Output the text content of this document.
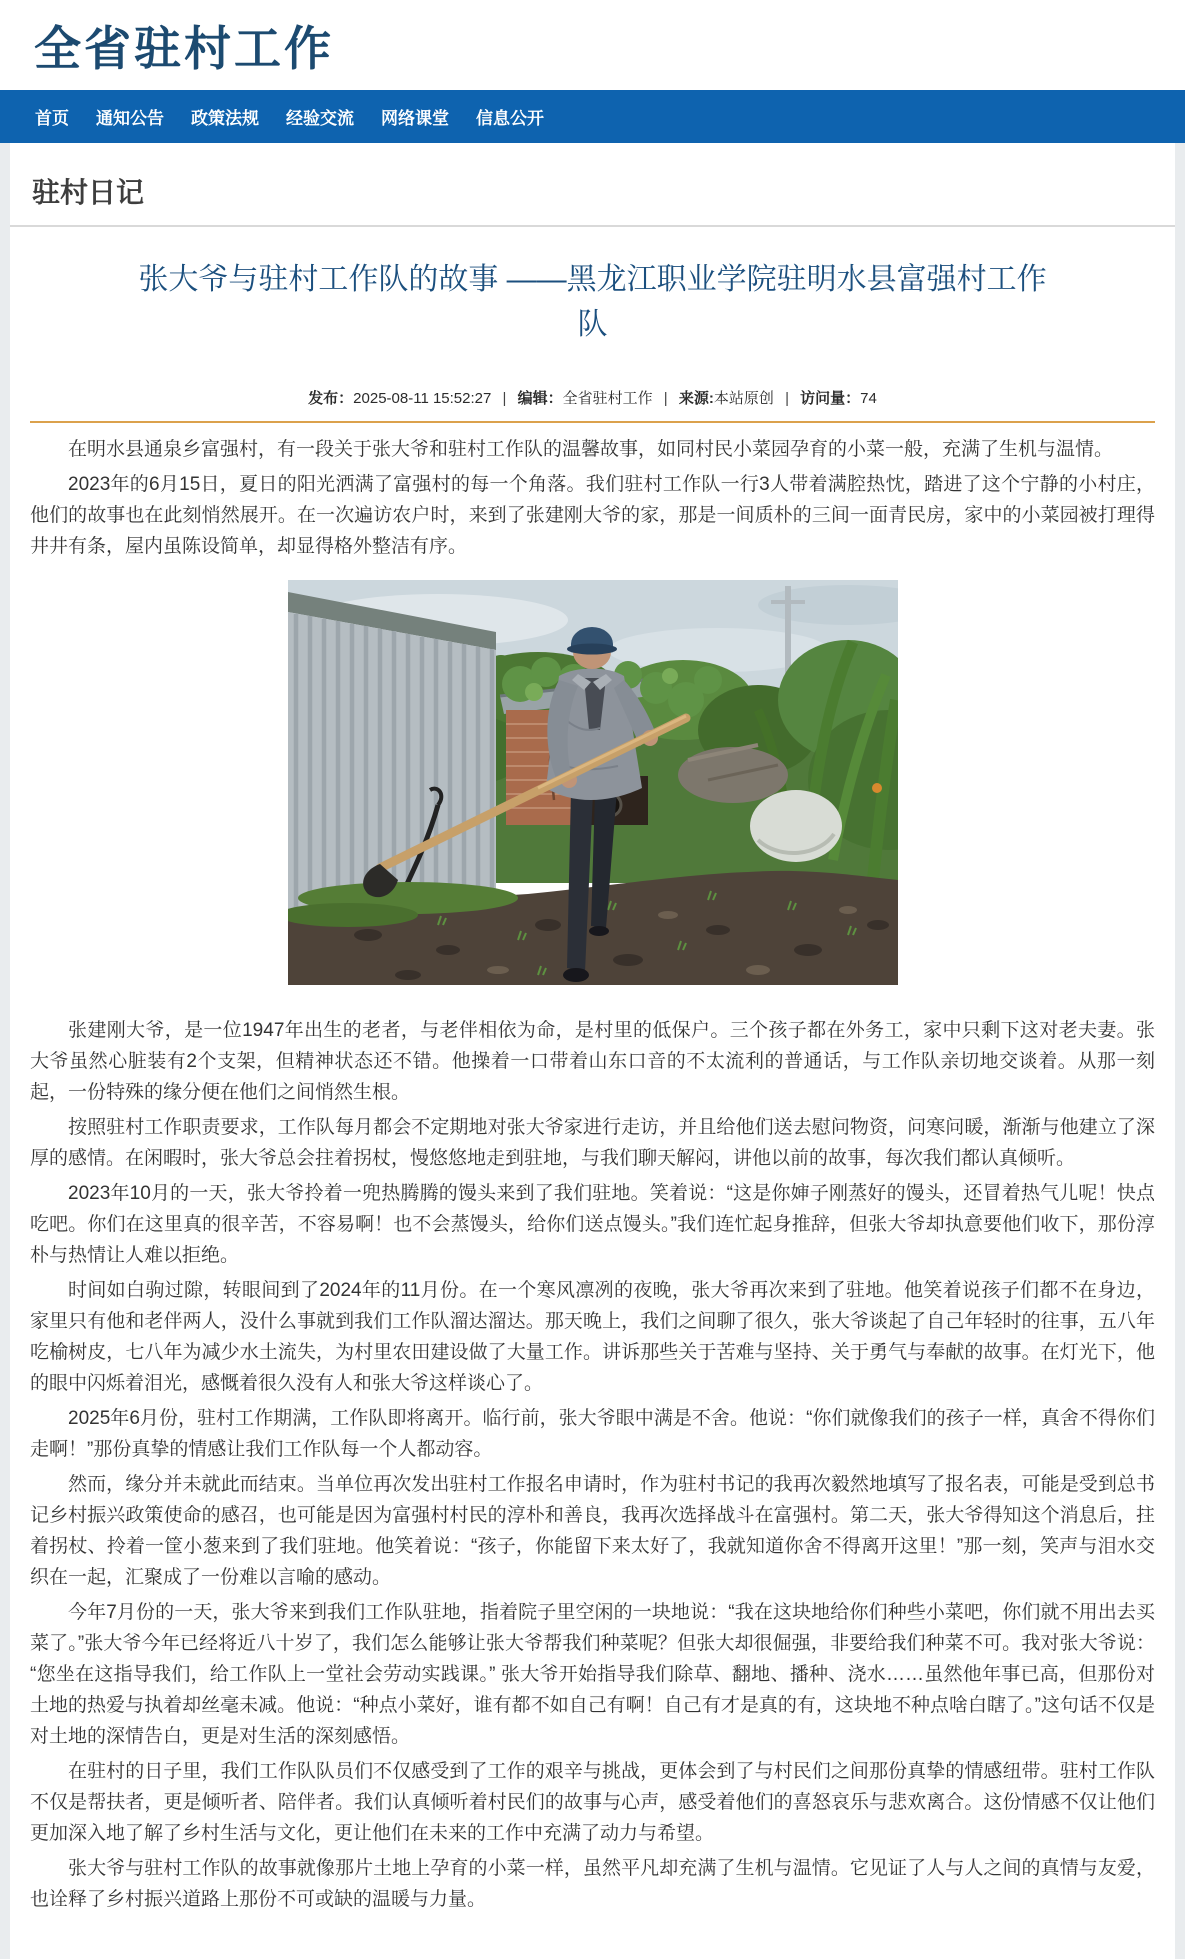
全省驻村工作
首页 通知公告 政策法规 经验交流 网络课堂 信息公开
驻村日记
张大爷与驻村工作队的故事 ——黑龙江职业学院驻明水县富强村工作队
发布：2025-08-11 15:52:27 | 编辑：全省驻村工作 | 来源:本站原创 | 访问量：74

在明水县通泉乡富强村，有一段关于张大爷和驻村工作队的温馨故事，如同村民小菜园孕育的小菜一般，充满了生机与温情。

2023年的6月15日，夏日的阳光洒满了富强村的每一个角落。我们驻村工作队一行3人带着满腔热忱，踏进了这个宁静的小村庄，他们的故事也在此刻悄然展开。在一次遍访农户时，来到了张建刚大爷的家，那是一间质朴的三间一面青民房，家中的小菜园被打理得井井有条，屋内虽陈设简单，却显得格外整洁有序。

张建刚大爷，是一位1947年出生的老者，与老伴相依为命，是村里的低保户。三个孩子都在外务工，家中只剩下这对老夫妻。张大爷虽然心脏装有2个支架，但精神状态还不错。他操着一口带着山东口音的不太流利的普通话，与工作队亲切地交谈着。从那一刻起，一份特殊的缘分便在他们之间悄然生根。

按照驻村工作职责要求，工作队每月都会不定期地对张大爷家进行走访，并且给他们送去慰问物资，问寒问暖，渐渐与他建立了深厚的感情。在闲暇时，张大爷总会拄着拐杖，慢悠悠地走到驻地，与我们聊天解闷，讲他以前的故事，每次我们都认真倾听。

2023年10月的一天，张大爷拎着一兜热腾腾的馒头来到了我们驻地。笑着说：“这是你婶子刚蒸好的馒头，还冒着热气儿呢！快点吃吧。你们在这里真的很辛苦，不容易啊！也不会蒸馒头，给你们送点馒头。”我们连忙起身推辞，但张大爷却执意要他们收下，那份淳朴与热情让人难以拒绝。

时间如白驹过隙，转眼间到了2024年的11月份。在一个寒风凛冽的夜晚，张大爷再次来到了驻地。他笑着说孩子们都不在身边，家里只有他和老伴两人，没什么事就到我们工作队溜达溜达。那天晚上，我们之间聊了很久，张大爷谈起了自己年轻时的往事，五八年吃榆树皮，七八年为减少水土流失，为村里农田建设做了大量工作。讲诉那些关于苦难与坚持、关于勇气与奉献的故事。在灯光下，他的眼中闪烁着泪光，感慨着很久没有人和张大爷这样谈心了。

2025年6月份，驻村工作期满，工作队即将离开。临行前，张大爷眼中满是不舍。他说：“你们就像我们的孩子一样，真舍不得你们走啊！”那份真挚的情感让我们工作队每一个人都动容。

然而，缘分并未就此而结束。当单位再次发出驻村工作报名申请时，作为驻村书记的我再次毅然地填写了报名表，可能是受到总书记乡村振兴政策使命的感召，也可能是因为富强村村民的淳朴和善良，我再次选择战斗在富强村。第二天，张大爷得知这个消息后，拄着拐杖、拎着一筐小葱来到了我们驻地。他笑着说：“孩子，你能留下来太好了，我就知道你舍不得离开这里！”那一刻，笑声与泪水交织在一起，汇聚成了一份难以言喻的感动。

今年7月份的一天，张大爷来到我们工作队驻地，指着院子里空闲的一块地说：“我在这块地给你们种些小菜吧，你们就不用出去买菜了。”张大爷今年已经将近八十岁了，我们怎么能够让张大爷帮我们种菜呢？但张大却很倔强，非要给我们种菜不可。我对张大爷说：“您坐在这指导我们，给工作队上一堂社会劳动实践课。” 张大爷开始指导我们除草、翻地、播种、浇水……虽然他年事已高，但那份对土地的热爱与执着却丝毫未减。他说：“种点小菜好，谁有都不如自己有啊！自己有才是真的有，这块地不种点啥白瞎了。”这句话不仅是对土地的深情告白，更是对生活的深刻感悟。

在驻村的日子里，我们工作队队员们不仅感受到了工作的艰辛与挑战，更体会到了与村民们之间那份真挚的情感纽带。驻村工作队不仅是帮扶者，更是倾听者、陪伴者。我们认真倾听着村民们的故事与心声，感受着他们的喜怒哀乐与悲欢离合。这份情感不仅让他们更加深入地了解了乡村生活与文化，更让他们在未来的工作中充满了动力与希望。

张大爷与驻村工作队的故事就像那片土地上孕育的小菜一样，虽然平凡却充满了生机与温情。它见证了人与人之间的真情与友爱，也诠释了乡村振兴道路上那份不可或缺的温暖与力量。
